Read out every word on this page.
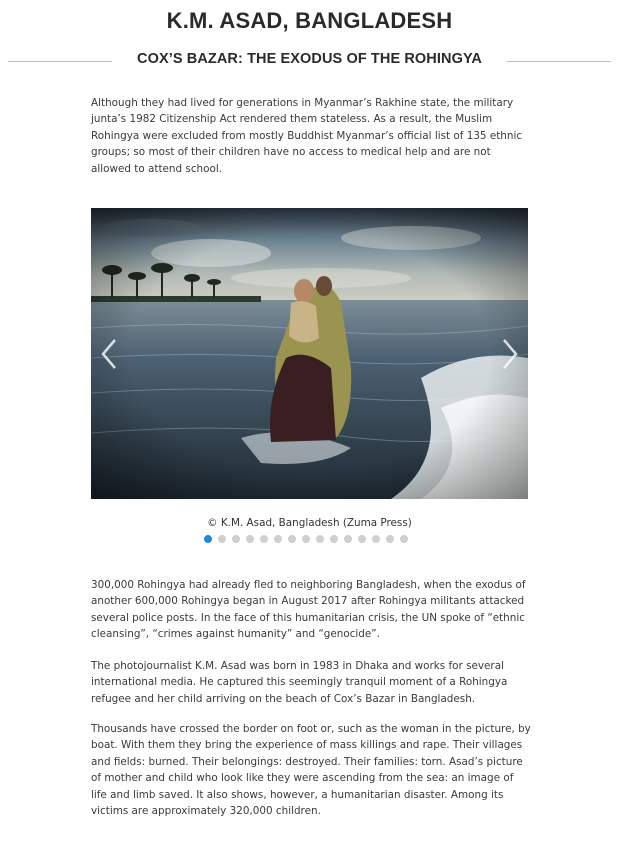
K.M. ASAD, BANGLADESH
COX’S BAZAR: THE EXODUS OF THE ROHINGYA

Although they had lived for generations in Myanmar’s Rakhine state, the military junta’s 1982 Citizenship Act rendered them stateless. As a result, the Muslim Rohingya were excluded from mostly Buddhist Myanmar’s official list of 135 ethnic groups; so most of their children have no access to medical help and are not allowed to attend school.

© K.M. Asad, Bangladesh (Zuma Press)

300,000 Rohingya had already fled to neighboring Bangladesh, when the exodus of another 600,000 Rohingya began in August 2017 after Rohingya militants attacked several police posts. In the face of this humanitarian crisis, the UN spoke of “ethnic cleansing”, “crimes against humanity” and “genocide”.

The photojournalist K.M. Asad was born in 1983 in Dhaka and works for several international media. He captured this seemingly tranquil moment of a Rohingya refugee and her child arriving on the beach of Cox’s Bazar in Bangladesh.

Thousands have crossed the border on foot or, such as the woman in the picture, by boat. With them they bring the experience of mass killings and rape. Their villages and fields: burned. Their belongings: destroyed. Their families: torn. Asad’s picture of mother and child who look like they were ascending from the sea: an image of life and limb saved. It also shows, however, a humanitarian disaster. Among its victims are approximately 320,000 children.
